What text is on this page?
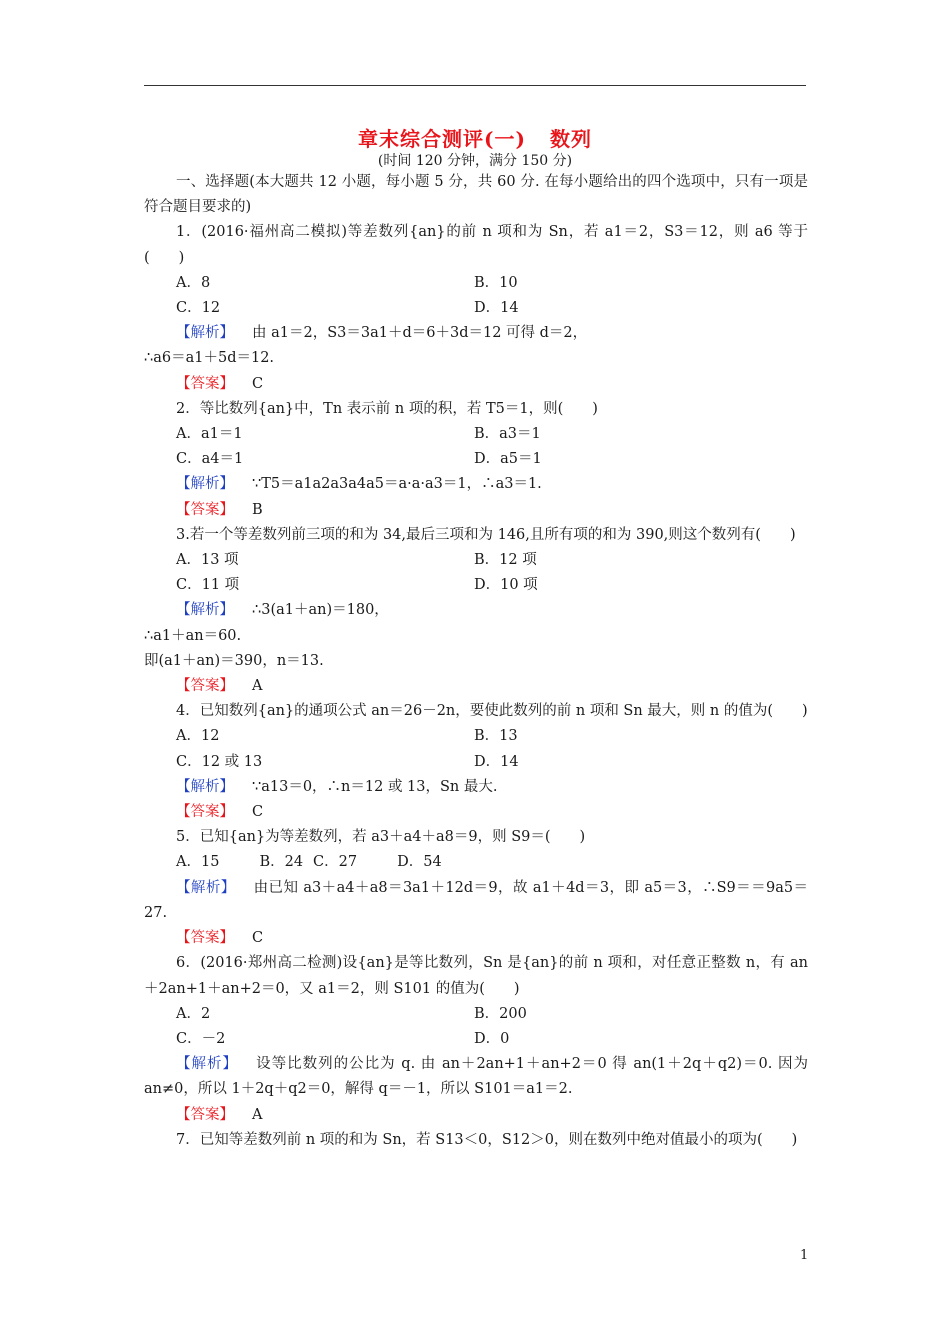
章末综合测评(一) 数列
(时间 120 分钟，满分 150 分)

一、选择题(本大题共 12 小题，每小题 5 分，共 60 分. 在每小题给出的四个选项中，只有一项是符合题目要求的)

1．(2016·福州高二模拟)等差数列{an}的前 n 项和为 Sn，若 a1＝2，S3＝12，则 a6 等于(　　)

A．8	B．10
C．12	D．14

【解析】 由 a1＝2，S3＝3a1＋d＝6＋3d＝12 可得 d＝2，

∴a6＝a1＋5d＝12.

【答案】 C

2．等比数列{an}中，Tn 表示前 n 项的积，若 T5＝1，则(　　)

A．a1＝1	B．a3＝1
C．a4＝1	D．a5＝1

【解析】 ∵T5＝a1a2a3a4a5＝a·a·a3＝1，∴a3＝1.

【答案】 B

3.若一个等差数列前三项的和为 34,最后三项和为 146,且所有项的和为 390,则这个数列有(　　)

A．13 项	B．12 项
C．11 项	D．10 项

【解析】 ∴3(a1＋an)＝180，

∴a1＋an＝60.

即(a1＋an)＝390，n＝13.

【答案】 A

4．已知数列{an}的通项公式 an＝26－2n，要使此数列的前 n 项和 Sn 最大，则 n 的值为(　　)

A．12	B．13
C．12 或 13	D．14

【解析】 ∵a13＝0，∴n＝12 或 13，Sn 最大.

【答案】 C

5．已知{an}为等差数列，若 a3＋a4＋a8＝9，则 S9＝(　　)

A．15	B．24 C．27	D．54

【解析】 由已知 a3＋a4＋a8＝3a1＋12d＝9，故 a1＋4d＝3，即 a5＝3，∴S9＝＝9a5＝27.

【答案】 C

6．(2016·郑州高二检测)设{an}是等比数列，Sn 是{an}的前 n 项和，对任意正整数 n，有 an＋2an+1＋an+2＝0，又 a1＝2，则 S101 的值为(　　)

A．2	B．200
C．－2	D．0

【解析】 设等比数列的公比为 q. 由 an＋2an+1＋an+2＝0 得 an(1＋2q＋q2)＝0. 因为 an≠0，所以 1＋2q＋q2＝0，解得 q＝－1，所以 S101＝a1＝2.

【答案】 A

7．已知等差数列前 n 项的和为 Sn，若 S13＜0，S12＞0，则在数列中绝对值最小的项为(　　)

1
